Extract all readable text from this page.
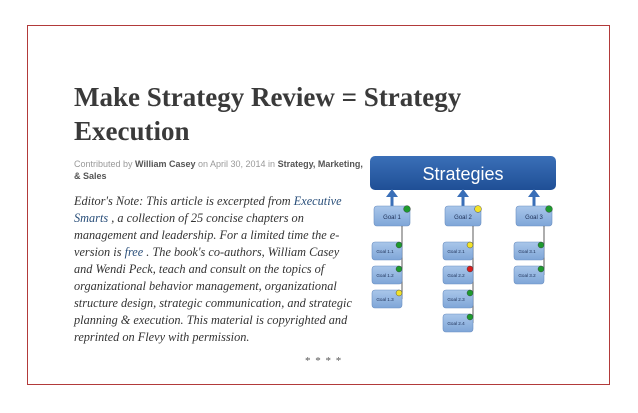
Make Strategy Review = Strategy Execution
Contributed by William Casey on April 30, 2014 in Strategy, Marketing, & Sales
Editor's Note: This article is excerpted from Executive Smarts , a collection of 25 concise chapters on management and leadership. For a limited time the e-version is free . The book's co-authors, William Casey and Wendi Peck, teach and consult on the topics of organizational behavior management, organizational structure design, strategic communication, and strategic planning & execution. This material is copyrighted and reprinted on Flevy with permission.
* * * *
Strategies
Goal 1
Goal 1.1
Goal 1.2
Goal 1.3
Goal 2
Goal 2.1
Goal 2.2
Goal 2.3
Goal 2.4
Goal 3
Goal 3.1
Goal 3.2
